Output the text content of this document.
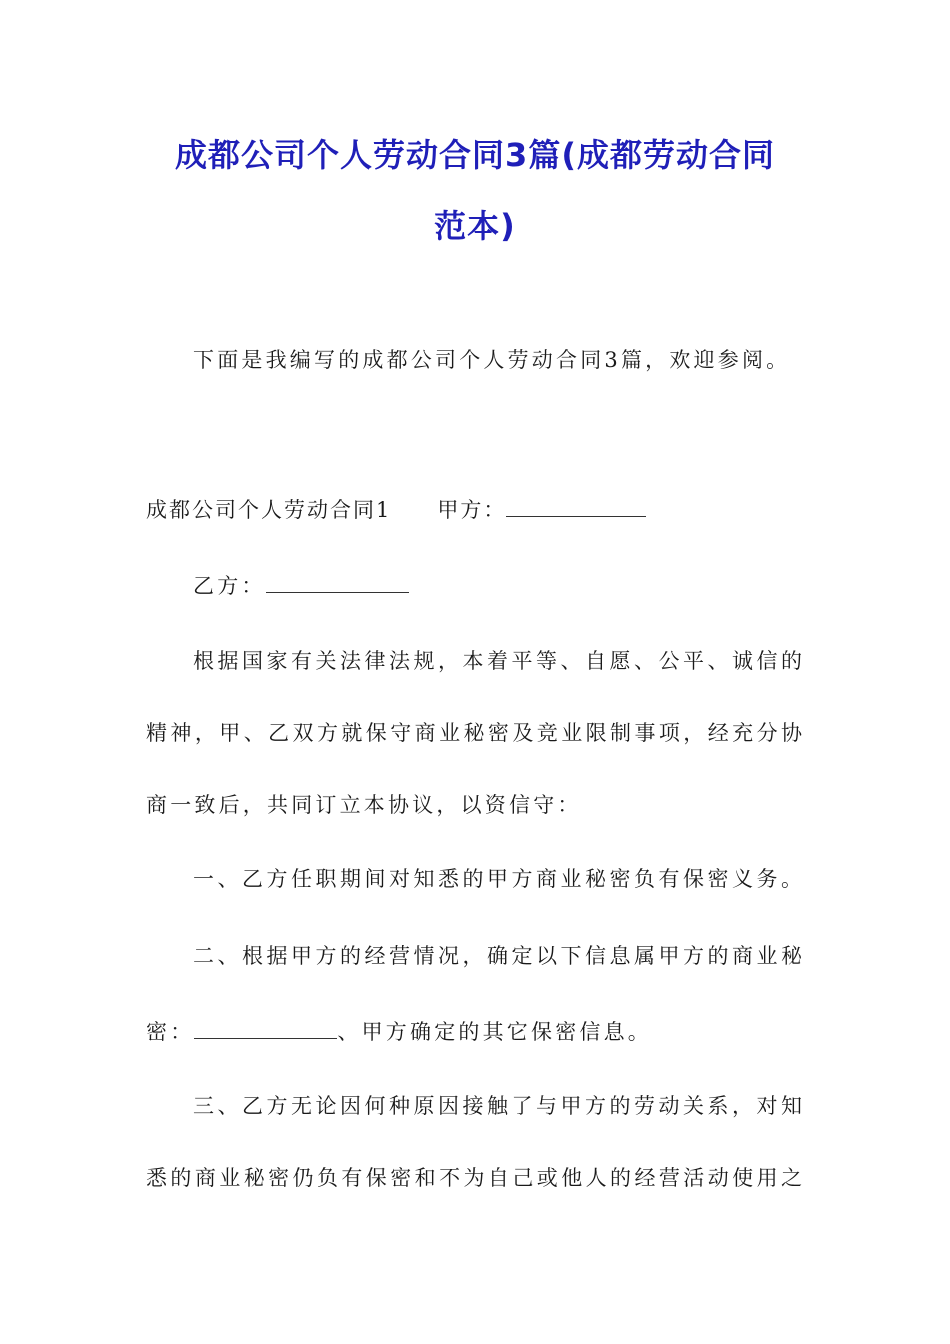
成都公司个人劳动合同3篇(成都劳动合同
范本)
下面是我编写的成都公司个人劳动合同3篇，欢迎参阅。
成都公司个人劳动合同1 甲方：
乙方：
根据国家有关法律法规，本着平等、自愿、公平、诚信的
精神，甲、乙双方就保守商业秘密及竞业限制事项，经充分协
商一致后，共同订立本协议，以资信守：
一、乙方任职期间对知悉的甲方商业秘密负有保密义务。
二、根据甲方的经营情况，确定以下信息属甲方的商业秘
密：	、甲方确定的其它保密信息。
三、乙方无论因何种原因接触了与甲方的劳动关系，对知
悉的商业秘密仍负有保密和不为自己或他人的经营活动使用之
